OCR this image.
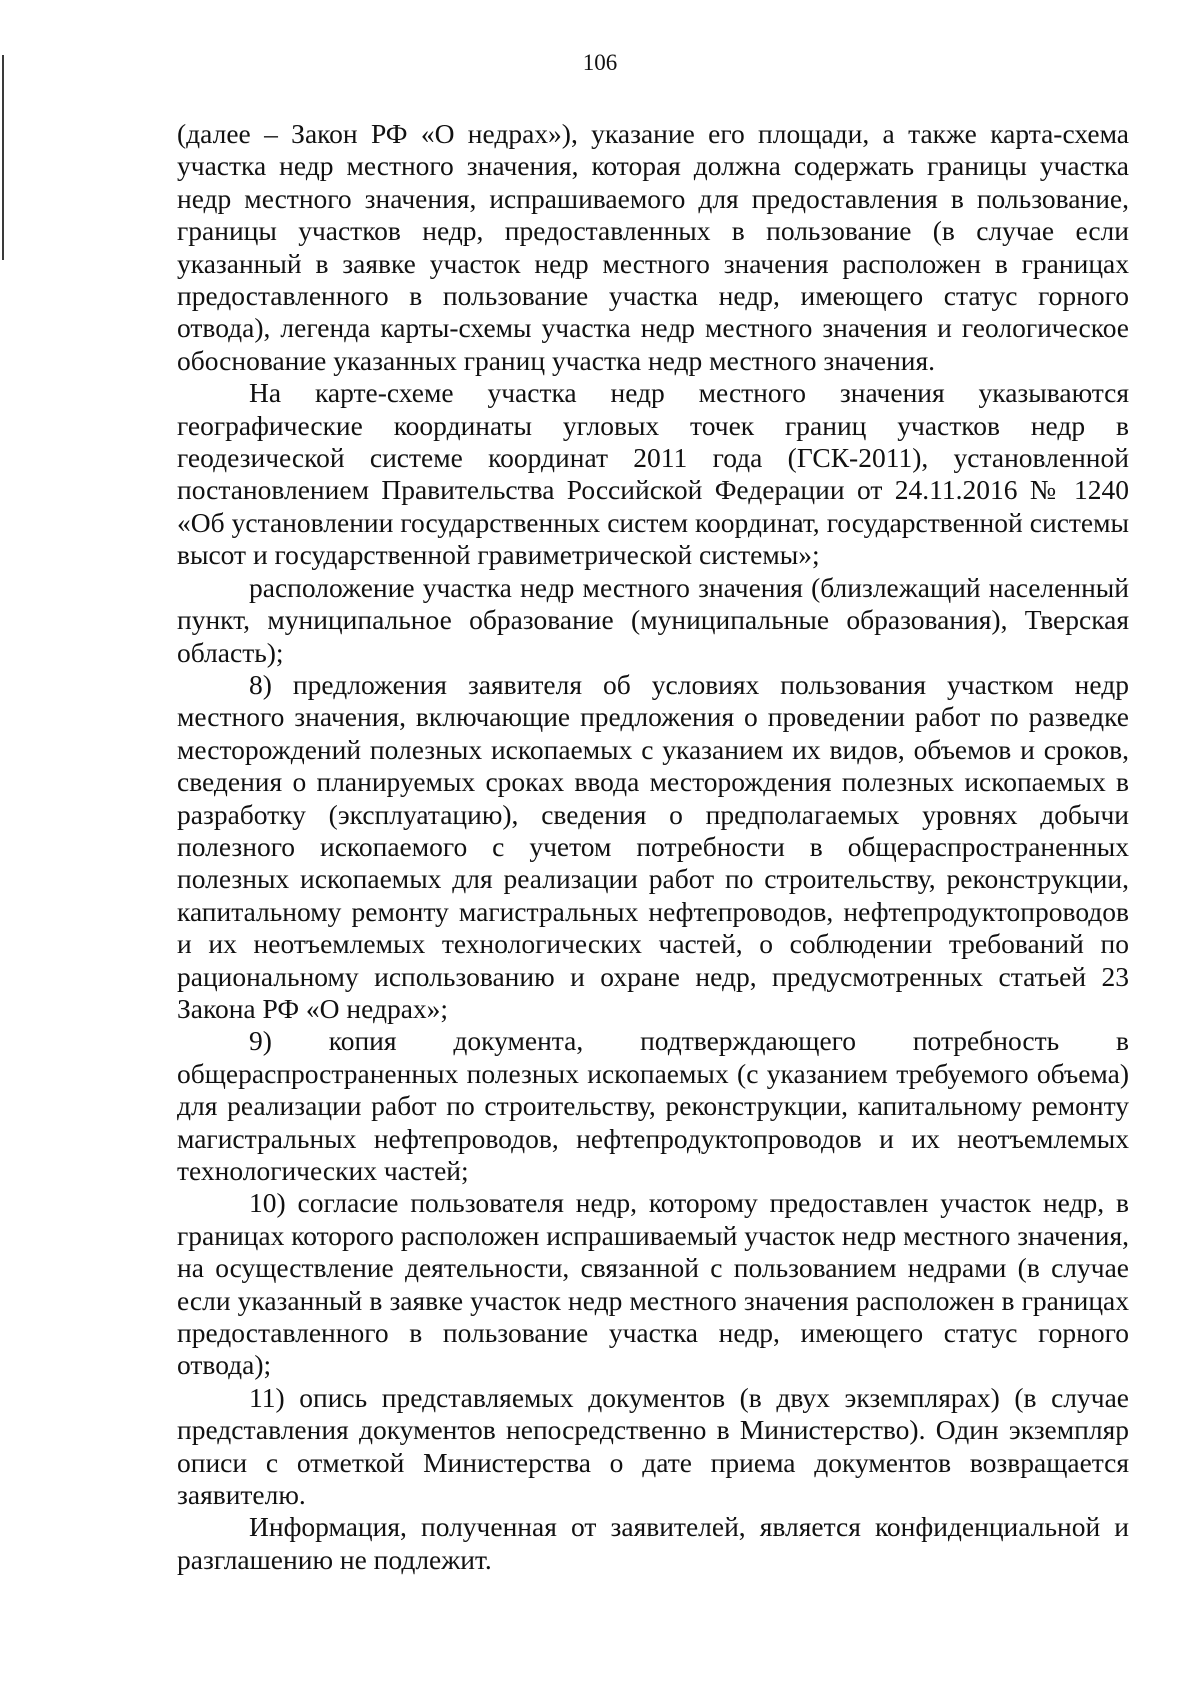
106

(далее – Закон РФ «О недрах»), указание его площади, а также карта-схема участка недр местного значения, которая должна содержать границы участка недр местного значения, испрашиваемого для предоставления в пользование, границы участков недр, предоставленных в пользование (в случае если указанный в заявке участок недр местного значения расположен в границах предоставленного в пользование участка недр, имеющего статус горного отвода), легенда карты-схемы участка недр местного значения и геологическое обоснование указанных границ участка недр местного значения.

На карте-схеме участка недр местного значения указываются географические координаты угловых точек границ участков недр в геодезической системе координат 2011 года (ГСК-2011), установленной постановлением Правительства Российской Федерации от 24.11.2016 № 1240 «Об установлении государственных систем координат, государственной системы высот и государственной гравиметрической системы»;

расположение участка недр местного значения (близлежащий населенный пункт, муниципальное образование (муниципальные образования), Тверская область);

8) предложения заявителя об условиях пользования участком недр местного значения, включающие предложения о проведении работ по разведке месторождений полезных ископаемых с указанием их видов, объемов и сроков, сведения о планируемых сроках ввода месторождения полезных ископаемых в разработку (эксплуатацию), сведения о предполагаемых уровнях добычи полезного ископаемого с учетом потребности в общераспространенных полезных ископаемых для реализации работ по строительству, реконструкции, капитальному ремонту магистральных нефтепроводов, нефтепродуктопроводов и их неотъемлемых технологических частей, о соблюдении требований по рациональному использованию и охране недр, предусмотренных статьей 23 Закона РФ «О недрах»;

9) копия документа, подтверждающего потребность в общераспространенных полезных ископаемых (с указанием требуемого объема) для реализации работ по строительству, реконструкции, капитальному ремонту магистральных нефтепроводов, нефтепродуктопроводов и их неотъемлемых технологических частей;

10) согласие пользователя недр, которому предоставлен участок недр, в границах которого расположен испрашиваемый участок недр местного значения, на осуществление деятельности, связанной с пользованием недрами (в случае если указанный в заявке участок недр местного значения расположен в границах предоставленного в пользование участка недр, имеющего статус горного отвода);

11) опись представляемых документов (в двух экземплярах) (в случае представления документов непосредственно в Министерство). Один экземпляр описи с отметкой Министерства о дате приема документов возвращается заявителю.

Информация, полученная от заявителей, является конфиденциальной и разглашению не подлежит.
